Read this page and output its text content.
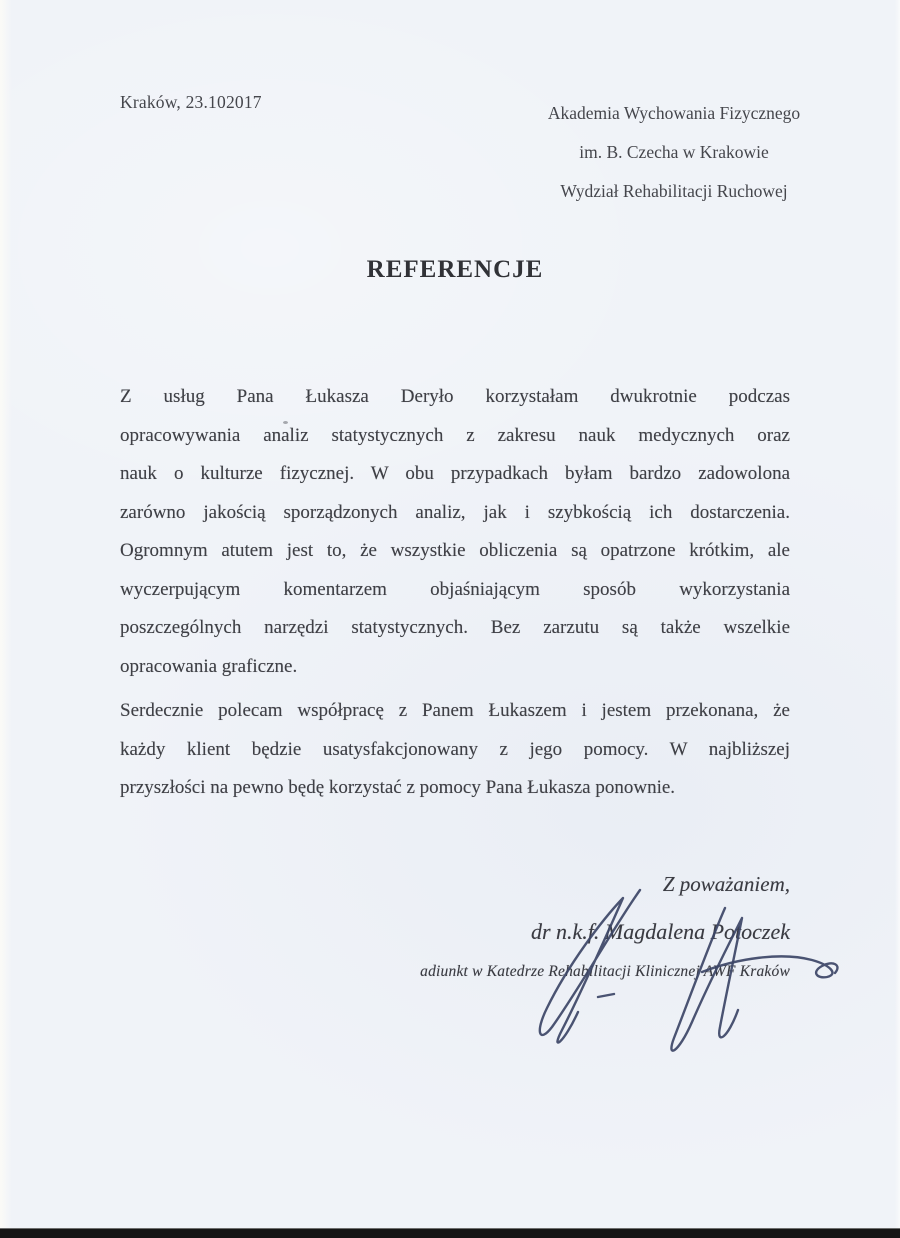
Kraków, 23.102017
Akademia Wychowania Fizycznego
im. B. Czecha w Krakowie
Wydział Rehabilitacji Ruchowej
REFERENCJE
Z usług Pana Łukasza Deryło korzystałam dwukrotnie podczas
opracowywania analiz statystycznych z zakresu nauk medycznych oraz
nauk o kulturze fizycznej. W obu przypadkach byłam bardzo zadowolona
zarówno jakością sporządzonych analiz, jak i szybkością ich dostarczenia.
Ogromnym atutem jest to, że wszystkie obliczenia są opatrzone krótkim, ale
wyczerpującym komentarzem objaśniającym sposób wykorzystania
poszczególnych narzędzi statystycznych. Bez zarzutu są także wszelkie
opracowania graficzne.
Serdecznie polecam współpracę z Panem Łukaszem i jestem przekonana, że
każdy klient będzie usatysfakcjonowany z jego pomocy. W najbliższej
przyszłości na pewno będę korzystać z pomocy Pana Łukasza ponownie.
Z poważaniem,
dr n.k.f. Magdalena Potoczek
adiunkt w Katedrze Rehabilitacji Klinicznej AWF Kraków
